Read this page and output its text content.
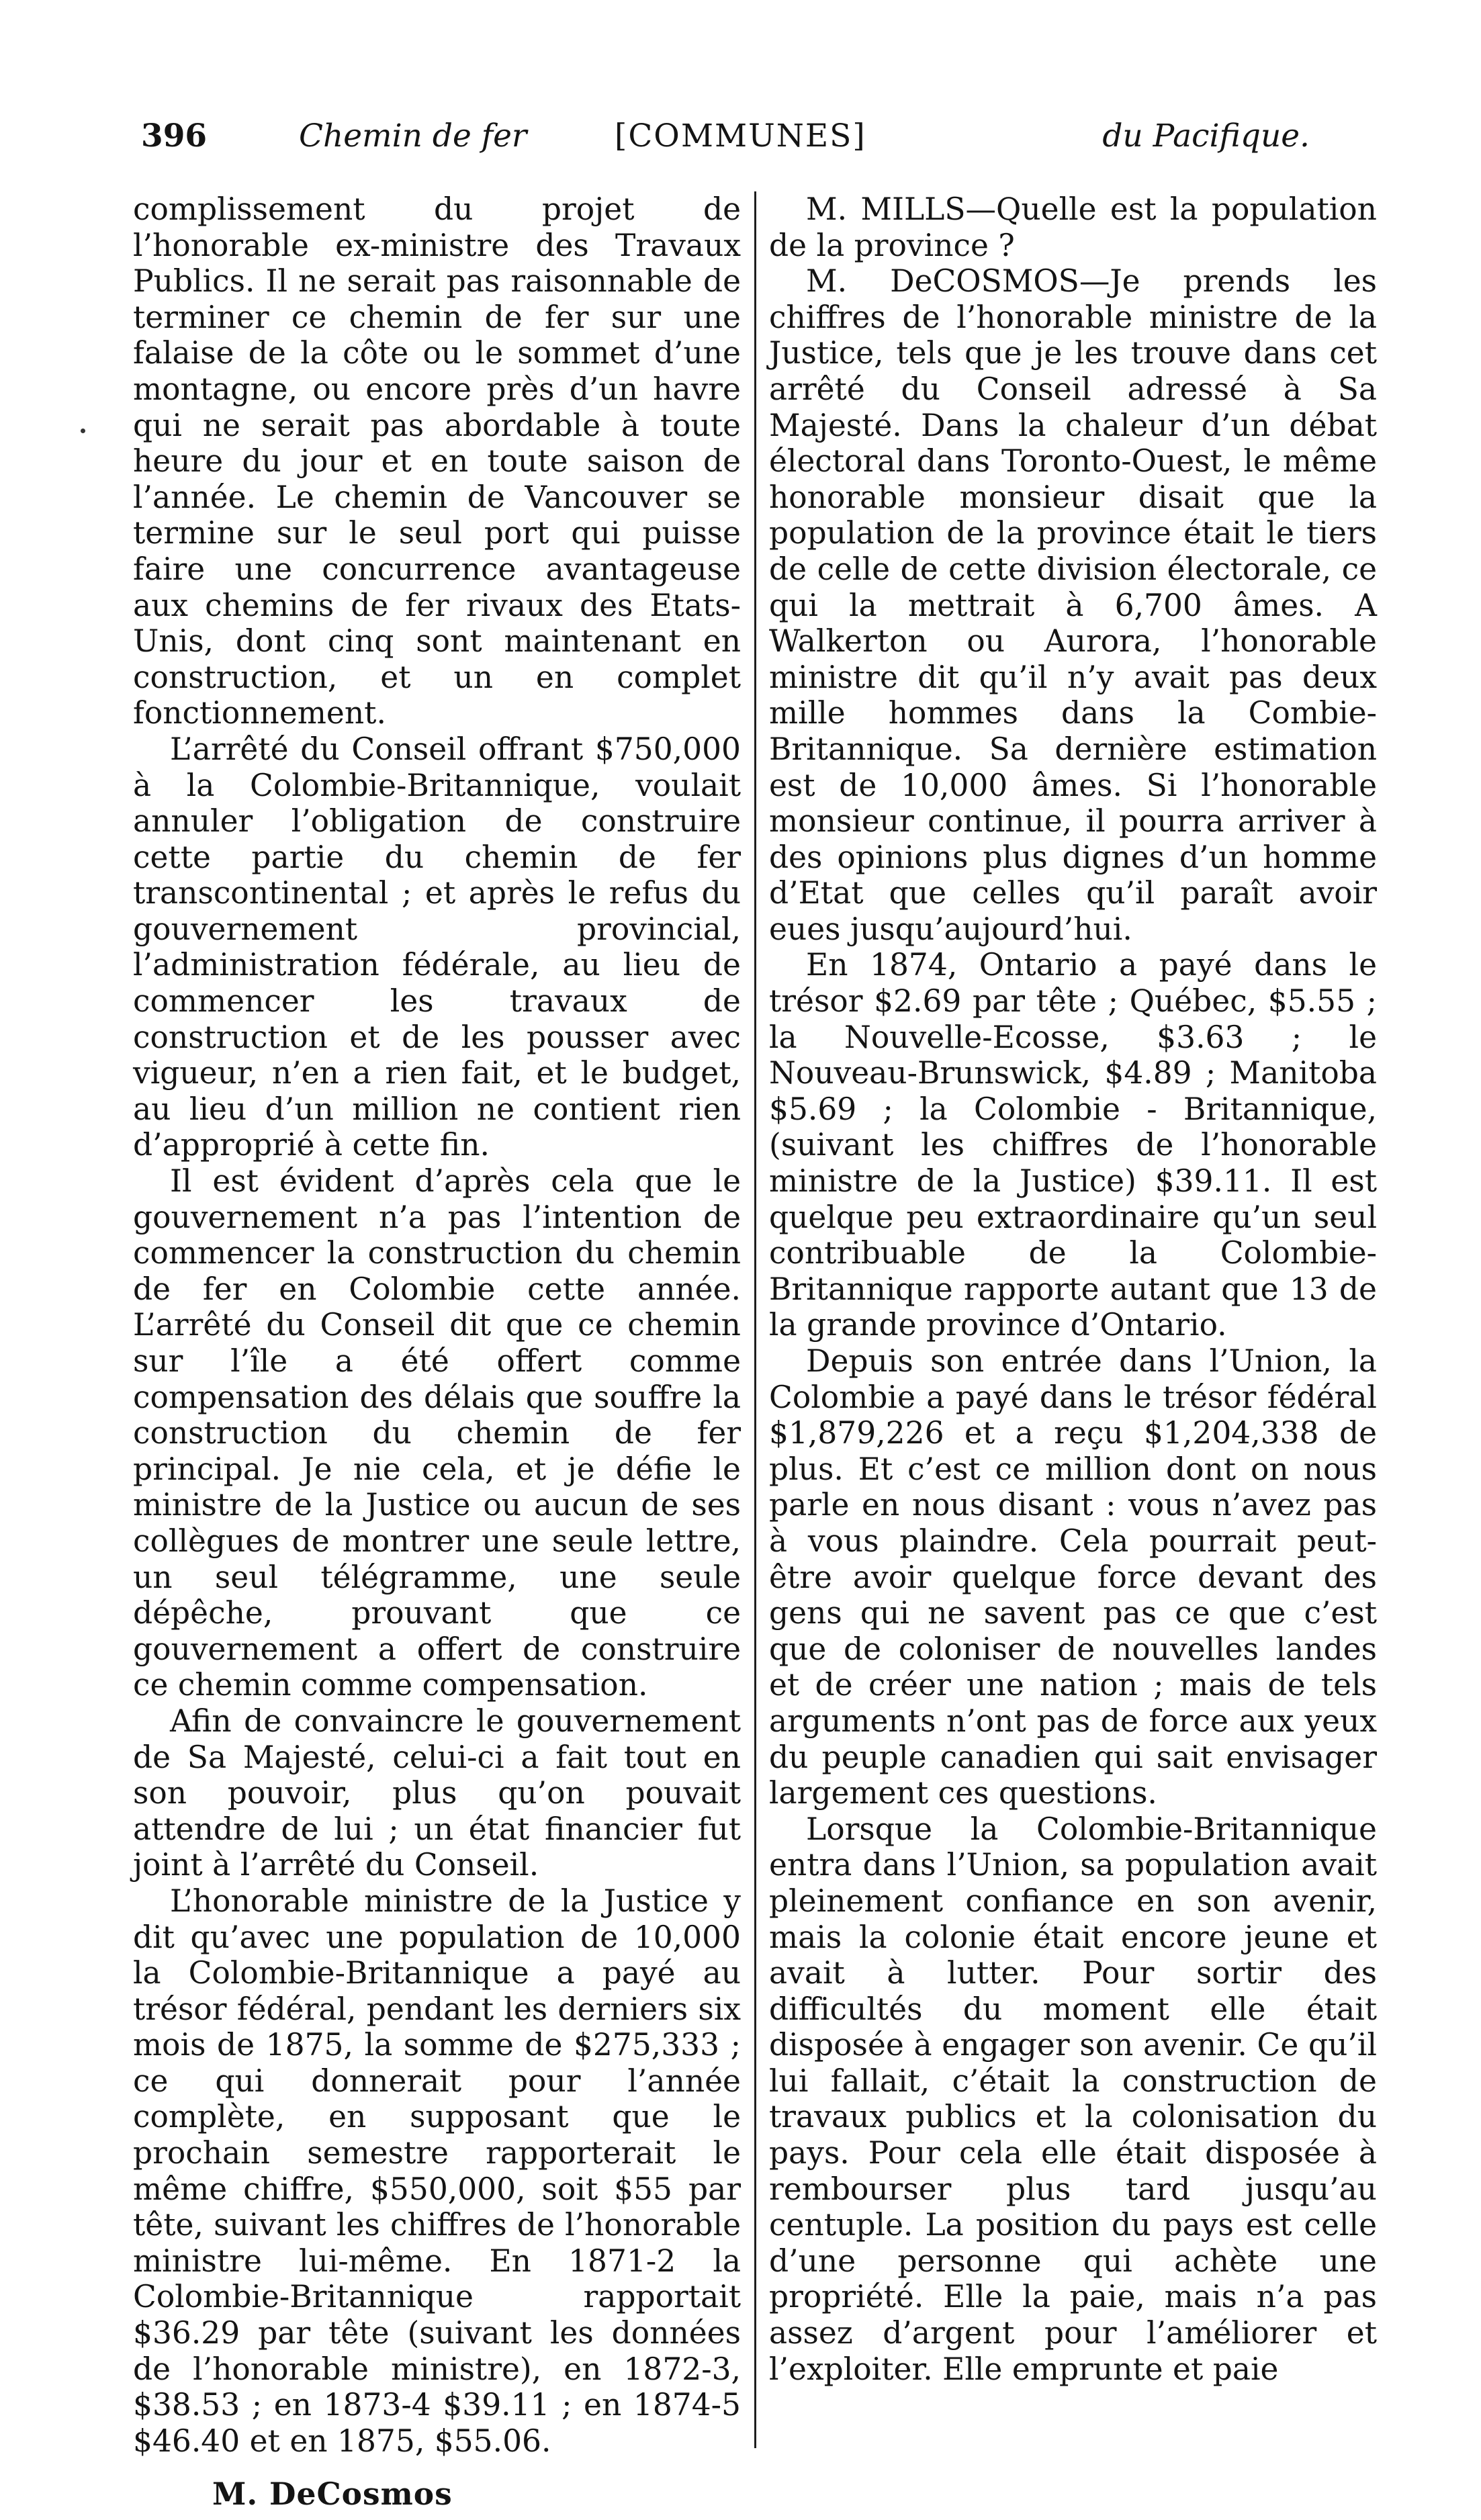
396	Chemin de fer	[COMMUNES]	du Pacifique.

complissement du projet de l’honorable ex-ministre des Travaux Publics. Il ne serait pas raisonnable de terminer ce chemin de fer sur une falaise de la côte ou le sommet d’une montagne, ou encore près d’un havre qui ne serait pas abordable à toute heure du jour et en toute saison de l’année. Le chemin de Vancouver se termine sur le seul port qui puisse faire une concurrence avantageuse aux chemins de fer rivaux des Etats-Unis, dont cinq sont maintenant en construction, et un en complet fonctionnement.

L’arrêté du Conseil offrant $750,000 à la Colombie-Britannique, voulait annuler l’obligation de construire cette partie du chemin de fer transcontinental ; et après le refus du gouvernement provincial, l’administration fédérale, au lieu de commencer les travaux de construction et de les pousser avec vigueur, n’en a rien fait, et le budget, au lieu d’un million ne contient rien d’approprié à cette fin.

Il est évident d’après cela que le gouvernement n’a pas l’intention de commencer la construction du chemin de fer en Colombie cette année. L’arrêté du Conseil dit que ce chemin sur l’île a été offert comme compensation des délais que souffre la construction du chemin de fer principal. Je nie cela, et je défie le ministre de la Justice ou aucun de ses collègues de montrer une seule lettre, un seul télégramme, une seule dépêche, prouvant que ce gouvernement a offert de construire ce chemin comme compensation.

Afin de convaincre le gouvernement de Sa Majesté, celui-ci a fait tout en son pouvoir, plus qu’on pouvait attendre de lui ; un état financier fut joint à l’arrêté du Conseil.

L’honorable ministre de la Justice y dit qu’avec une population de 10,000 la Colombie-Britannique a payé au trésor fédéral, pendant les derniers six mois de 1875, la somme de $275,333 ; ce qui donnerait pour l’année complète, en supposant que le prochain semestre rapporterait le même chiffre, $550,000, soit $55 par tête, suivant les chiffres de l’honorable ministre lui-même. En 1871-2 la Colombie-Britannique rapportait $36.29 par tête (suivant les données de l’honorable ministre), en 1872-3, $38.53 ; en 1873-4 $39.11 ; en 1874-5 $46.40 et en 1875, $55.06.

M. DeCosmos

M. MILLS—Quelle est la population de la province ?

M. DeCOSMOS—Je prends les chiffres de l’honorable ministre de la Justice, tels que je les trouve dans cet arrêté du Conseil adressé à Sa Majesté. Dans la chaleur d’un débat électoral dans Toronto-Ouest, le même honorable monsieur disait que la population de la province était le tiers de celle de cette division électorale, ce qui la mettrait à 6,700 âmes. A Walkerton ou Aurora, l’honorable ministre dit qu’il n’y avait pas deux mille hommes dans la Combie-Britannique. Sa dernière estimation est de 10,000 âmes. Si l’honorable monsieur continue, il pourra arriver à des opinions plus dignes d’un homme d’Etat que celles qu’il paraît avoir eues jusqu’aujourd’hui.

En 1874, Ontario a payé dans le trésor $2.69 par tête ; Québec, $5.55 ; la Nouvelle-Ecosse, $3.63 ; le Nouveau-Brunswick, $4.89 ; Manitoba $5.69 ; la Colombie - Britannique, (suivant les chiffres de l’honorable ministre de la Justice) $39.11. Il est quelque peu extraordinaire qu’un seul contribuable de la Colombie-Britannique rapporte autant que 13 de la grande province d’Ontario.

Depuis son entrée dans l’Union, la Colombie a payé dans le trésor fédéral $1,879,226 et a reçu $1,204,338 de plus. Et c’est ce million dont on nous parle en nous disant : vous n’avez pas à vous plaindre. Cela pourrait peut-être avoir quelque force devant des gens qui ne savent pas ce que c’est que de coloniser de nouvelles landes et de créer une nation ; mais de tels arguments n’ont pas de force aux yeux du peuple canadien qui sait envisager largement ces questions.

Lorsque la Colombie-Britannique entra dans l’Union, sa population avait pleinement confiance en son avenir, mais la colonie était encore jeune et avait à lutter. Pour sortir des difficultés du moment elle était disposée à engager son avenir. Ce qu’il lui fallait, c’était la construction de travaux publics et la colonisation du pays. Pour cela elle était disposée à rembourser plus tard jusqu’au centuple. La position du pays est celle d’une personne qui achète une propriété. Elle la paie, mais n’a pas assez d’argent pour l’améliorer et l’exploiter. Elle emprunte et paie
